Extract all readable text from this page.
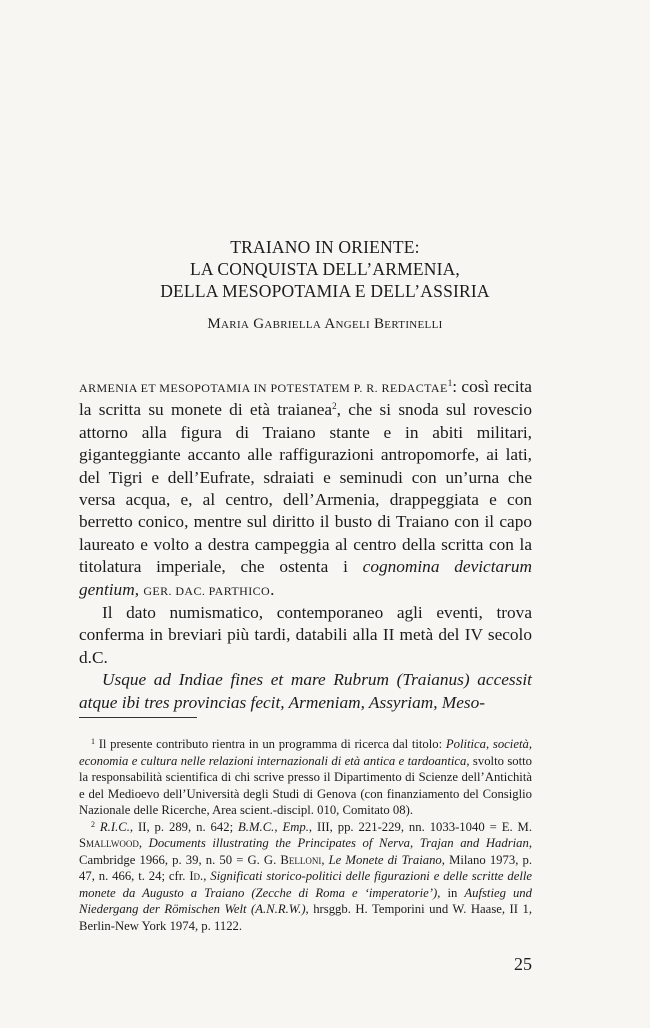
TRAIANO IN ORIENTE:
LA CONQUISTA DELL’ARMENIA,
DELLA MESOPOTAMIA E DELL’ASSIRIA
Maria Gabriella Angeli Bertinelli

ARMENIA ET MESOPOTAMIA IN POTESTATEM P. R. REDACTAE$^1$: così recita la scritta su monete di età traianea$^2$, che si snoda sul rovescio attorno alla figura di Traiano stante e in abiti militari, giganteggiante accanto alle raffigurazioni antropomorfe, ai lati, del Tigri e dell’Eufrate, sdraiati e seminudi con un’urna che versa acqua, e, al centro, dell’Armenia, drappeggiata e con berretto conico, mentre sul diritto il busto di Traiano con il capo laureato e volto a destra campeggia al centro della scritta con la titolatura imperiale, che ostenta i cognomina devictarum gentium, GER. DAC. PARTHICO.

Il dato numismatico, contemporaneo agli eventi, trova conferma in breviari più tardi, databili alla II metà del IV secolo d.C.

Usque ad Indiae fines et mare Rubrum (Traianus) accessit atque ibi tres provincias fecit, Armeniam, Assyriam, Meso-

$^1$ Il presente contributo rientra in un programma di ricerca dal titolo: Politica, società, economia e cultura nelle relazioni internazionali di età antica e tardoantica, svolto sotto la responsabilità scientifica di chi scrive presso il Dipartimento di Scienze dell’Antichità e del Medioevo dell’Università degli Studi di Genova (con finanziamento del Consiglio Nazionale delle Ricerche, Area scient.-discipl. 010, Comitato 08).

$^2$ R.I.C., II, p. 289, n. 642; B.M.C., Emp., III, pp. 221-229, nn. 1033-1040 = E. M. Smallwood, Documents illustrating the Principates of Nerva, Trajan and Hadrian, Cambridge 1966, p. 39, n. 50 = G. G. Belloni, Le Monete di Traiano, Milano 1973, p. 47, n. 466, t. 24; cfr. Id., Significati storico-politici delle figurazioni e delle scritte delle monete da Augusto a Traiano (Zecche di Roma e ‘imperatorie’), in Aufstieg und Niedergang der Römischen Welt (A.N.R.W.), hrsggb. H. Temporini und W. Haase, II 1, Berlin-New York 1974, p. 1122.

25
